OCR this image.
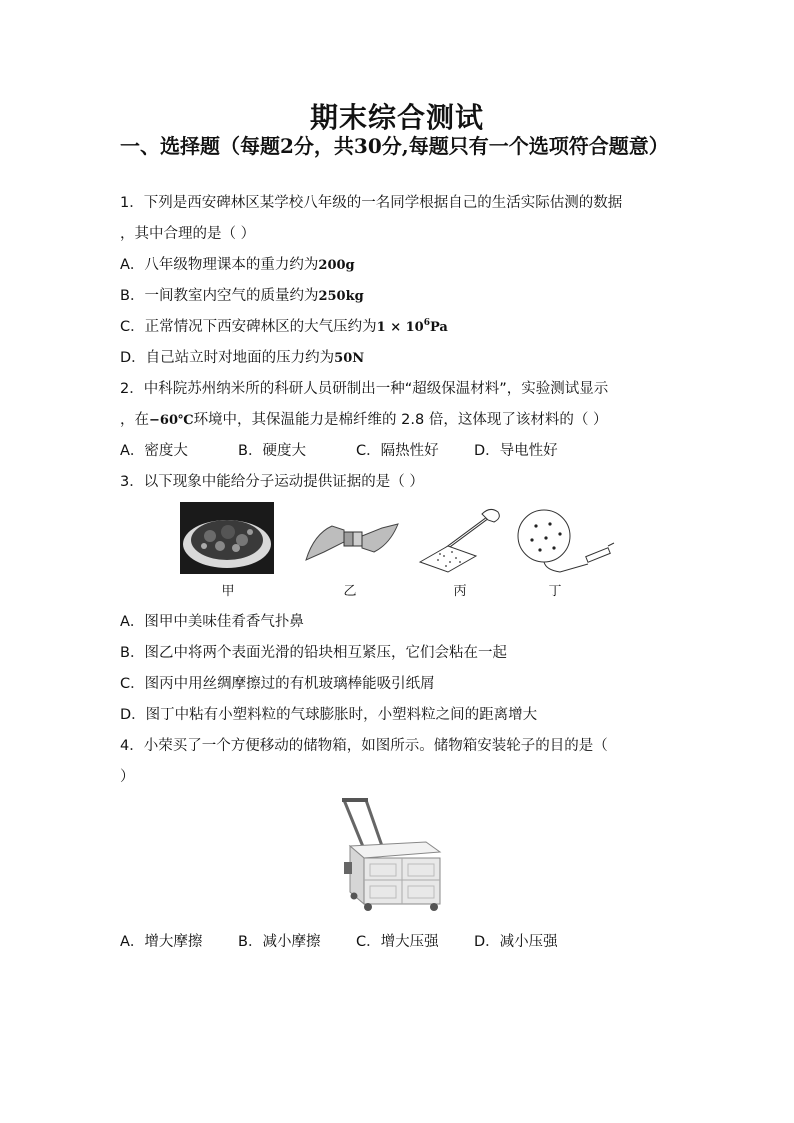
期末综合测试
一、选择题（每题2分，共30分,每题只有一个选项符合题意）
1．下列是西安碑林区某学校八年级的一名同学根据自己的生活实际估测的数据
，其中合理的是（ ）
A．八年级物理课本的重力约为200g
B．一间教室内空气的质量约为250kg
C．正常情况下西安碑林区的大气压约为$1 \times 10^6Pa$
D．自己站立时对地面的压力约为50N
2．中科院苏州纳米所的科研人员研制出一种“超级保温材料”，实验测试显示
，在−60℃环境中，其保温能力是棉纤维的 2.8 倍，这体现了该材料的（ ）
A．密度大	B．硬度大	C．隔热性好 D．导电性好
3．以下现象中能给分子运动提供证据的是（ ）
甲	乙	丙	丁
A．图甲中美味佳肴香气扑鼻
B．图乙中将两个表面光滑的铅块相互紧压，它们会粘在一起
C．图丙中用丝绸摩擦过的有机玻璃棒能吸引纸屑
D．图丁中粘有小塑料粒的气球膨胀时，小塑料粒之间的距离增大
4．小荣买了一个方便移动的储物箱，如图所示。储物箱安装轮子的目的是（
）
A．增大摩擦 B．减小摩擦 C．增大压强 D．减小压强
